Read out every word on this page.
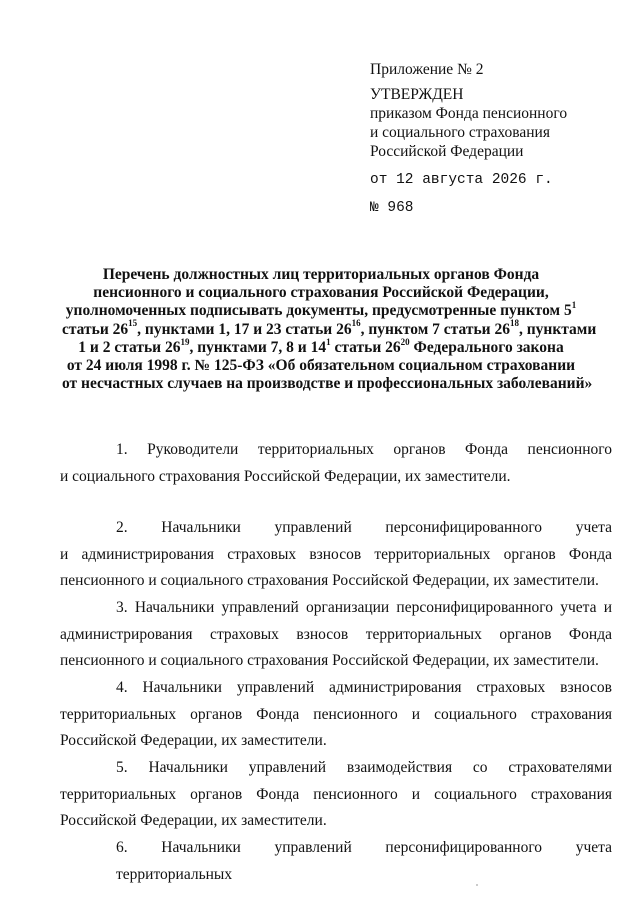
Приложение № 2
УТВЕРЖДЕН
приказом Фонда пенсионного
и социального страхования
Российской Федерации
от 12 августа 2026 г.
№ 968
Перечень должностных лиц территориальных органов Фонда
пенсионного и социального страхования Российской Федерации,
уполномоченных подписывать документы, предусмотренные пунктом $5^1$
статьи $26^{15}$, пунктами 1, 17 и 23 статьи $26^{16}$, пунктом 7 статьи $26^{18}$, пунктами
1 и 2 статьи $26^{19}$, пунктами 7, 8 и $14^1$ статьи $26^{20}$ Федерального закона
от 24 июля 1998 г. № 125-ФЗ «Об обязательном социальном страховании
от несчастных случаев на производстве и профессиональных заболеваний»
1. Руководители территориальных органов Фонда пенсионного
и социального страхования Российской Федерации, их заместители.
2. Начальники управлений персонифицированного учета
и администрирования страховых взносов территориальных органов Фонда
пенсионного и социального страхования Российской Федерации, их заместители.
3. Начальники управлений организации персонифицированного учета и
администрирования страховых взносов территориальных органов Фонда
пенсионного и социального страхования Российской Федерации, их заместители.
4. Начальники управлений администрирования страховых взносов
территориальных органов Фонда пенсионного и социального страхования
Российской Федерации, их заместители.
5. Начальники управлений взаимодействия со страхователями
территориальных органов Фонда пенсионного и социального страхования
Российской Федерации, их заместители.
6. Начальники управлений персонифицированного учета территориальных
